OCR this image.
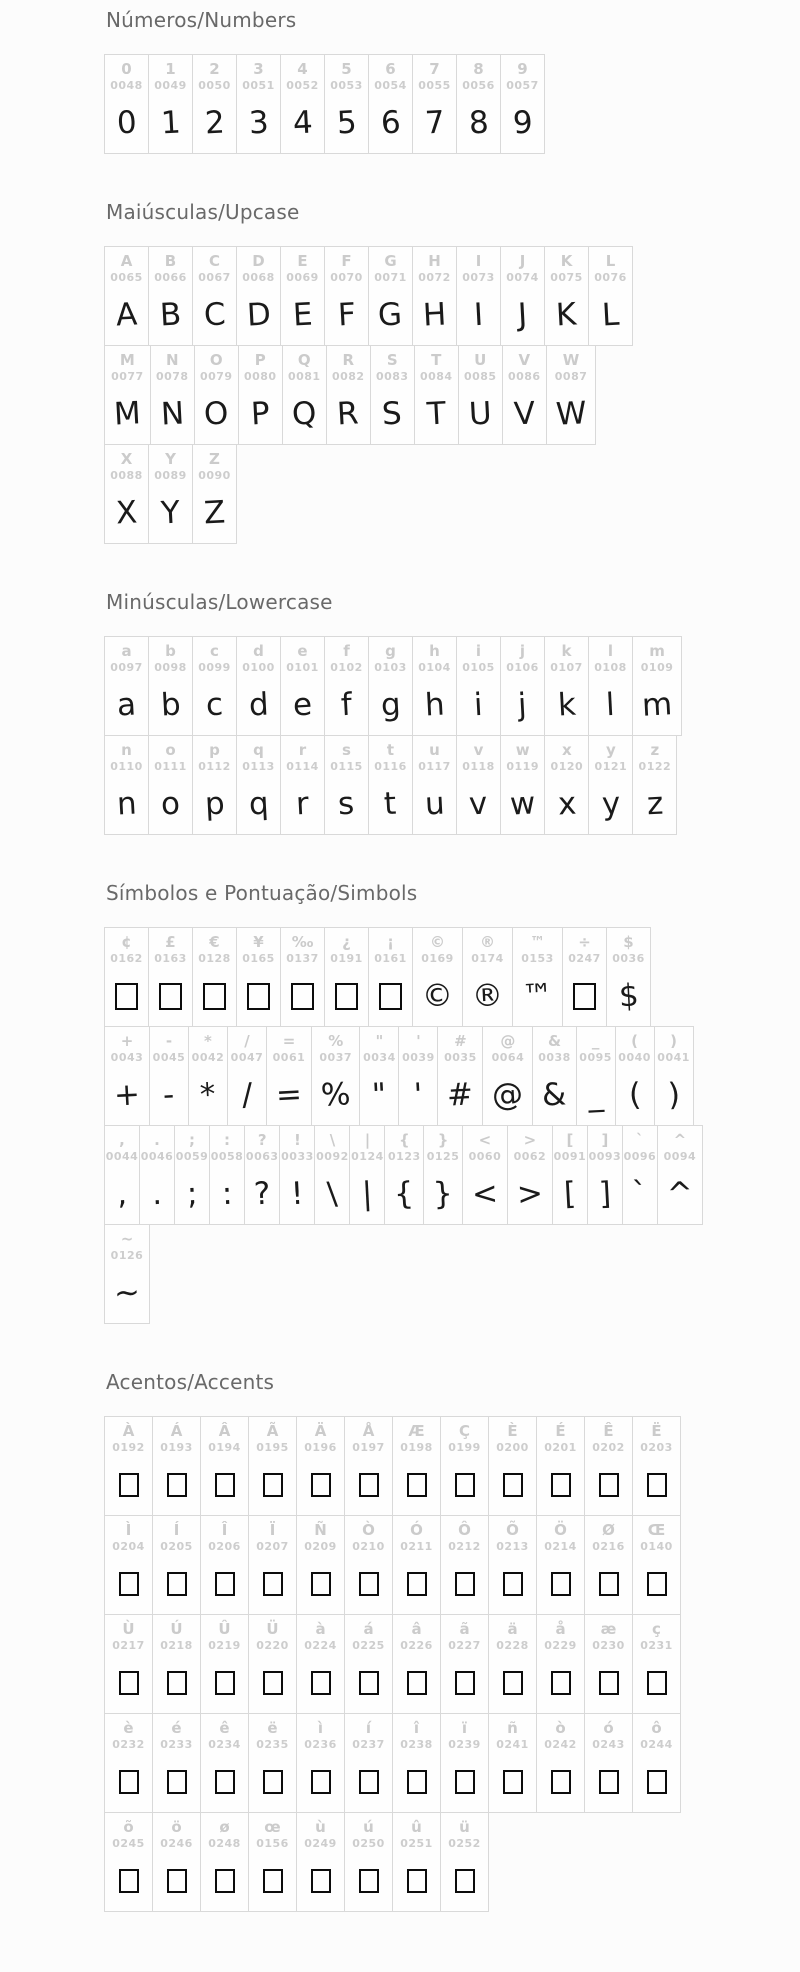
Números/Numbers
0
0048
0
1
0049
1
2
0050
2
3
0051
3
4
0052
4
5
0053
5
6
0054
6
7
0055
7
8
0056
8
9
0057
9
Maiúsculas/Upcase
A
0065
A
B
0066
B
C
0067
C
D
0068
D
E
0069
E
F
0070
F
G
0071
G
H
0072
H
I
0073
I
J
0074
J
K
0075
K
L
0076
L
M
0077
M
N
0078
N
O
0079
O
P
0080
P
Q
0081
Q
R
0082
R
S
0083
S
T
0084
T
U
0085
U
V
0086
V
W
0087
W
X
0088
X
Y
0089
Y
Z
0090
Z
Minúsculas/Lowercase
a
0097
a
b
0098
b
c
0099
c
d
0100
d
e
0101
e
f
0102
f
g
0103
g
h
0104
h
i
0105
i
j
0106
j
k
0107
k
l
0108
l
m
0109
m
n
0110
n
o
0111
o
p
0112
p
q
0113
q
r
0114
r
s
0115
s
t
0116
t
u
0117
u
v
0118
v
w
0119
w
x
0120
x
y
0121
y
z
0122
z
Símbolos e Pontuação/Simbols
¢
0162
£
0163
€
0128
¥
0165
‰
0137
¿
0191
¡
0161
©
0169
©
®
0174
®
™
0153
™
÷
0247
$
0036
$
+
0043
+
-
0045
-
*
0042
*
/
0047
/
=
0061
=
%
0037
%
"
0034
"
'
0039
'
#
0035
#
@
0064
@
&
0038
&
_
0095
_
(
0040
(
)
0041
)
,
0044
,
.
0046
.
;
0059
;
:
0058
:
?
0063
?
!
0033
!
\
0092
\
|
0124
|
{
0123
{
}
0125
}
<
0060
<
>
0062
>
[
0091
[
]
0093
]
`
0096
`
^
0094
^
~
0126
~
Acentos/Accents
À
0192
Á
0193
Â
0194
Ã
0195
Ä
0196
Å
0197
Æ
0198
Ç
0199
È
0200
É
0201
Ê
0202
Ë
0203
Ì
0204
Í
0205
Î
0206
Ï
0207
Ñ
0209
Ò
0210
Ó
0211
Ô
0212
Õ
0213
Ö
0214
Ø
0216
Œ
0140
Ù
0217
Ú
0218
Û
0219
Ü
0220
à
0224
á
0225
â
0226
ã
0227
ä
0228
å
0229
æ
0230
ç
0231
è
0232
é
0233
ê
0234
ë
0235
ì
0236
í
0237
î
0238
ï
0239
ñ
0241
ò
0242
ó
0243
ô
0244
õ
0245
ö
0246
ø
0248
œ
0156
ù
0249
ú
0250
û
0251
ü
0252
